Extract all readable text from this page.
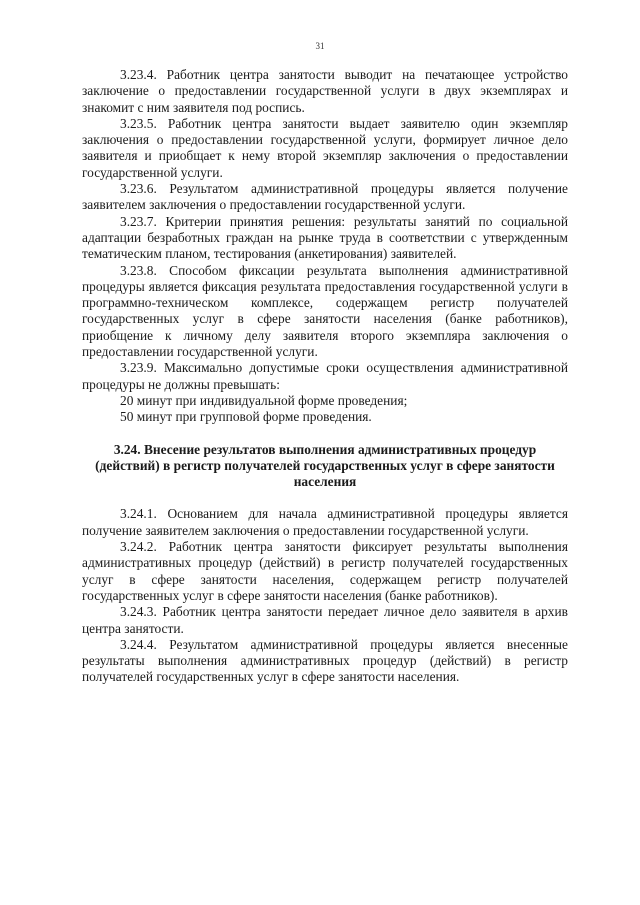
31

3.23.4. Работник центра занятости выводит на печатающее устройство заключение о предоставлении государственной услуги в двух экземплярах и знакомит с ним заявителя под роспись.

3.23.5. Работник центра занятости выдает заявителю один экземпляр заключения о предоставлении государственной услуги, формирует личное дело заявителя и приобщает к нему второй экземпляр заключения о предоставлении государственной услуги.

3.23.6. Результатом административной процедуры является получение заявителем заключения о предоставлении государственной услуги.

3.23.7. Критерии принятия решения: результаты занятий по социальной адаптации безработных граждан на рынке труда в соответствии с утвержденным тематическим планом, тестирования (анкетирования) заявителей.

3.23.8. Способом фиксации результата выполнения административной процедуры является фиксация результата предоставления государственной услуги в программно-техническом комплексе, содержащем регистр получателей государственных услуг в сфере занятости населения (банке работников), приобщение к личному делу заявителя второго экземпляра заключения о предоставлении государственной услуги.

3.23.9. Максимально допустимые сроки осуществления административной процедуры не должны превышать:

20 минут при индивидуальной форме проведения;

50 минут при групповой форме проведения.

3.24. Внесение результатов выполнения административных процедур (действий) в регистр получателей государственных услуг в сфере занятости населения

3.24.1. Основанием для начала административной процедуры является получение заявителем заключения о предоставлении государственной услуги.

3.24.2. Работник центра занятости фиксирует результаты выполнения административных процедур (действий) в регистр получателей государственных услуг в сфере занятости населения, содержащем регистр получателей государственных услуг в сфере занятости населения (банке работников).

3.24.3. Работник центра занятости передает личное дело заявителя в архив центра занятости.

3.24.4. Результатом административной процедуры является внесенные результаты выполнения административных процедур (действий) в регистр получателей государственных услуг в сфере занятости населения.
